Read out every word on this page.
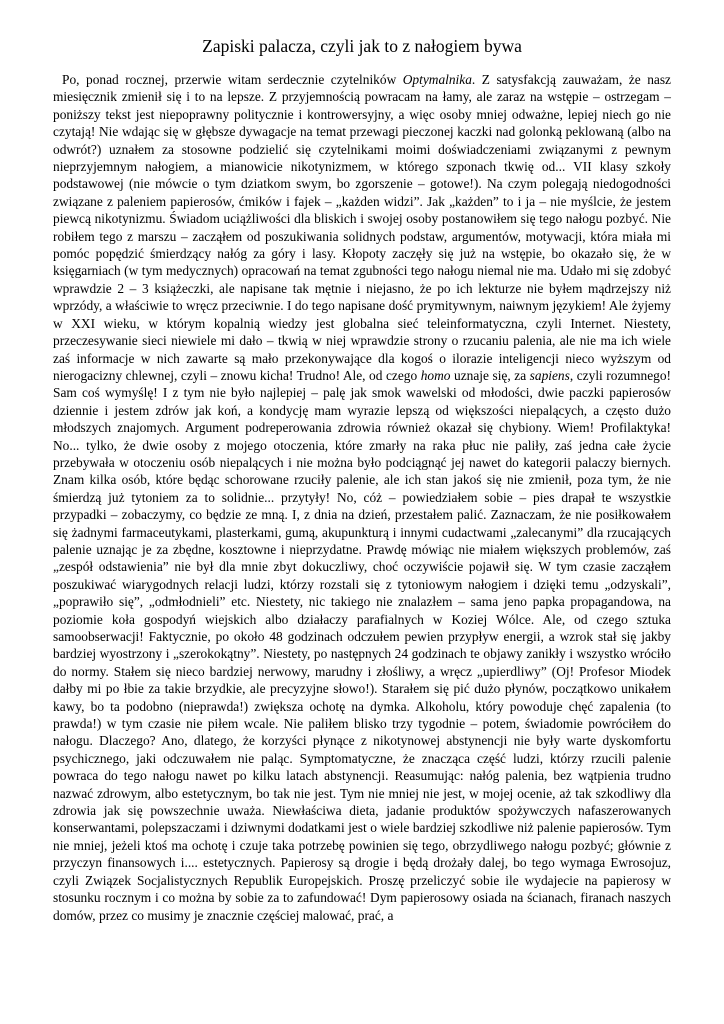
Zapiski palacza, czyli jak to z nałogiem bywa

Po, ponad rocznej, przerwie witam serdecznie czytelników Optymalnika. Z satysfakcją zauważam, że nasz miesięcznik zmienił się i to na lepsze. Z przyjemnością powracam na łamy, ale zaraz na wstępie – ostrzegam – poniższy tekst jest niepoprawny politycznie i kontrowersyjny, a więc osoby mniej odważne, lepiej niech go nie czytają! Nie wdając się w głębsze dywagacje na temat przewagi pieczonej kaczki nad golonką peklowaną (albo na odwrót?) uznałem za stosowne podzielić się czytelnikami moimi doświadczeniami związanymi z pewnym nieprzyjemnym nałogiem, a mianowicie nikotynizmem, w którego szponach tkwię od... VII klasy szkoły podstawowej (nie mówcie o tym dziatkom swym, bo zgorszenie – gotowe!). Na czym polegają niedogodności związane z paleniem papierosów, ćmików i fajek – „każden widzi”. Jak „każden” to i ja – nie myślcie, że jestem piewcą nikotynizmu. Świadom uciążliwości dla bliskich i swojej osoby postanowiłem się tego nałogu pozbyć. Nie robiłem tego z marszu – zacząłem od poszukiwania solidnych podstaw, argumentów, motywacji, która miała mi pomóc popędzić śmierdzący nałóg za góry i lasy. Kłopoty zaczęły się już na wstępie, bo okazało się, że w księgarniach (w tym medycznych) opracowań na temat zgubności tego nałogu niemal nie ma. Udało mi się zdobyć wprawdzie 2 – 3 książeczki, ale napisane tak mętnie i niejasno, że po ich lekturze nie byłem mądrzejszy niż wprzódy, a właściwie to wręcz przeciwnie. I do tego napisane dość prymitywnym, naiwnym językiem! Ale żyjemy w XXI wieku, w którym kopalnią wiedzy jest globalna sieć teleinformatyczna, czyli Internet. Niestety, przeczesywanie sieci niewiele mi dało – tkwią w niej wprawdzie strony o rzucaniu palenia, ale nie ma ich wiele zaś informacje w nich zawarte są mało przekonywające dla kogoś o ilorazie inteligencji nieco wyższym od nierogacizny chlewnej, czyli – znowu kicha! Trudno! Ale, od czego homo uznaje się, za sapiens, czyli rozumnego! Sam coś wymyślę! I z tym nie było najlepiej – palę jak smok wawelski od młodości, dwie paczki papierosów dziennie i jestem zdrów jak koń, a kondycję mam wyrazie lepszą od większości niepalących, a często dużo młodszych znajomych. Argument podreperowania zdrowia również okazał się chybiony. Wiem! Profilaktyka! No... tylko, że dwie osoby z mojego otoczenia, które zmarły na raka płuc nie paliły, zaś jedna całe życie przebywała w otoczeniu osób niepalących i nie można było podciągnąć jej nawet do kategorii palaczy biernych. Znam kilka osób, które będąc schorowane rzuciły palenie, ale ich stan jakoś się nie zmienił, poza tym, że nie śmierdzą już tytoniem za to solidnie... przytyły! No, cóż – powiedziałem sobie – pies drapał te wszystkie przypadki – zobaczymy, co będzie ze mną. I, z dnia na dzień, przestałem palić. Zaznaczam, że nie posiłkowałem się żadnymi farmaceutykami, plasterkami, gumą, akupunkturą i innymi cudactwami „zalecanymi” dla rzucających palenie uznając je za zbędne, kosztowne i nieprzydatne. Prawdę mówiąc nie miałem większych problemów, zaś „zespół odstawienia” nie był dla mnie zbyt dokuczliwy, choć oczywiście pojawił się. W tym czasie zacząłem poszukiwać wiarygodnych relacji ludzi, którzy rozstali się z tytoniowym nałogiem i dzięki temu „odzyskali”, „poprawiło się”, „odmłodnieli” etc. Niestety, nic takiego nie znalazłem – sama jeno papka propagandowa, na poziomie koła gospodyń wiejskich albo działaczy parafialnych w Koziej Wólce. Ale, od czego sztuka samoobserwacji! Faktycznie, po około 48 godzinach odczułem pewien przypływ energii, a wzrok stał się jakby bardziej wyostrzony i „szerokokątny”. Niestety, po następnych 24 godzinach te objawy zanikły i wszystko wróciło do normy. Stałem się nieco bardziej nerwowy, marudny i złośliwy, a wręcz „upierdliwy” (Oj! Profesor Miodek dałby mi po łbie za takie brzydkie, ale precyzyjne słowo!). Starałem się pić dużo płynów, początkowo unikałem kawy, bo ta podobno (nieprawda!) zwiększa ochotę na dymka. Alkoholu, który powoduje chęć zapalenia (to prawda!) w tym czasie nie piłem wcale. Nie paliłem blisko trzy tygodnie – potem, świadomie powróciłem do nałogu. Dlaczego? Ano, dlatego, że korzyści płynące z nikotynowej abstynencji nie były warte dyskomfortu psychicznego, jaki odczuwałem nie paląc. Symptomatyczne, że znacząca część ludzi, którzy rzucili palenie powraca do tego nałogu nawet po kilku latach abstynencji. Reasumując: nałóg palenia, bez wątpienia trudno nazwać zdrowym, albo estetycznym, bo tak nie jest. Tym nie mniej nie jest, w mojej ocenie, aż tak szkodliwy dla zdrowia jak się powszechnie uważa. Niewłaściwa dieta, jadanie produktów spożywczych nafaszerowanych konserwantami, polepszaczami i dziwnymi dodatkami jest o wiele bardziej szkodliwe niż palenie papierosów. Tym nie mniej, jeżeli ktoś ma ochotę i czuje taka potrzebę powinien się tego, obrzydliwego nałogu pozbyć; głównie z przyczyn finansowych i.... estetycznych. Papierosy są drogie i będą drożały dalej, bo tego wymaga Ewrosojuz, czyli Związek Socjalistycznych Republik Europejskich. Proszę przeliczyć sobie ile wydajecie na papierosy w stosunku rocznym i co można by sobie za to zafundować! Dym papierosowy osiada na ścianach, firanach naszych domów, przez co musimy je znacznie częściej malować, prać, a
